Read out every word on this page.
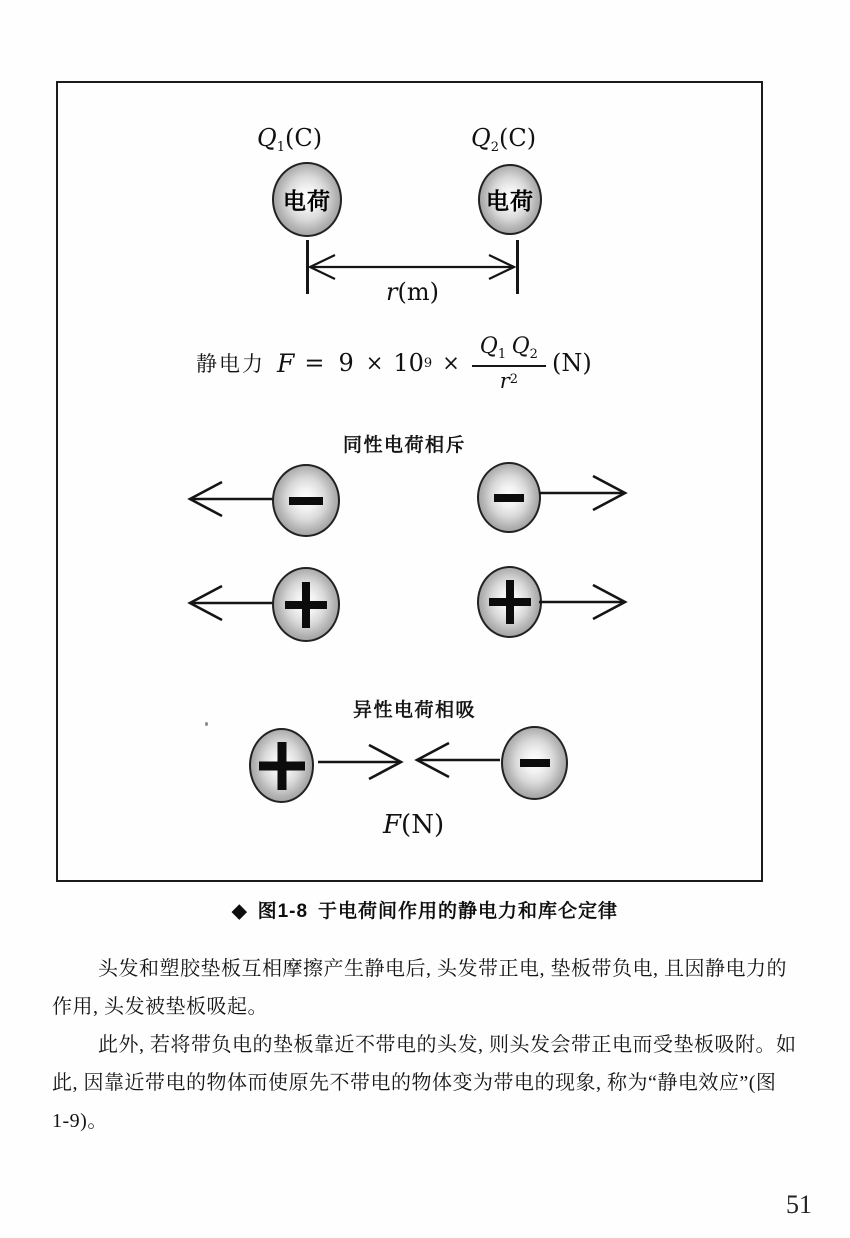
$Q_1(C)$	$Q_2(C)$
电荷	电荷
r(m)
静电力 F = 9 × 10 $9 \times \frac{Q_1 Q_2}{r^2} (N)$
同性电荷相斥
异性电荷相吸
F(N)
◆ 图1-8 于电荷间作用的静电力和库仑定律
头发和塑胶垫板互相摩擦产生静电后, 头发带正电, 垫板带负电, 且因静电力的
作用, 头发被垫板吸起。
此外, 若将带负电的垫板靠近不带电的头发, 则头发会带正电而受垫板吸附。如
此, 因靠近带电的物体而使原先不带电的物体变为带电的现象, 称为“静电效应”(图
1-9)。
51
